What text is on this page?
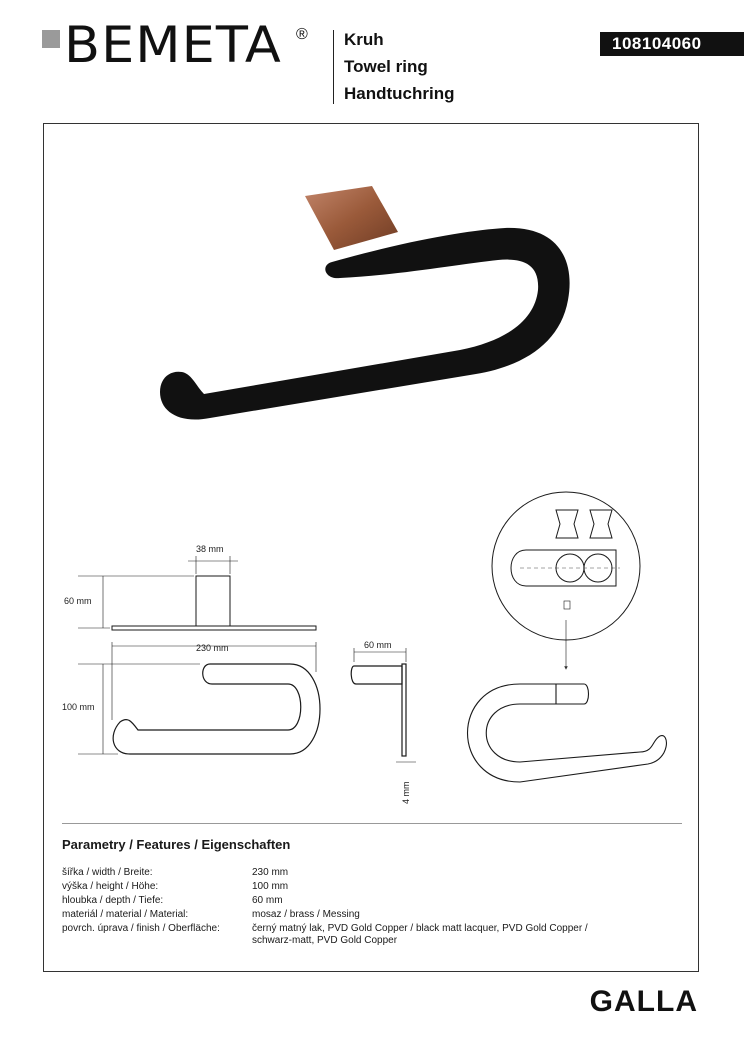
BEMETA ® Kruh
Towel ring
Handtuchring
108104060
38 mm
60 mm
230 mm
100 mm
60 mm
4 mm
Parametry / Features / Eigenschaften
šířka / width / Breite:	230 mm
výška / height / Höhe:	100 mm
hloubka / depth / Tiefe:	60 mm
materiál / material / Material:	mosaz / brass / Messing
povrch. úprava / finish / Oberfläche:	černý matný lak, PVD Gold Copper / black matt lacquer, PVD Gold Copper / schwarz-matt, PVD Gold Copper
GALLA
